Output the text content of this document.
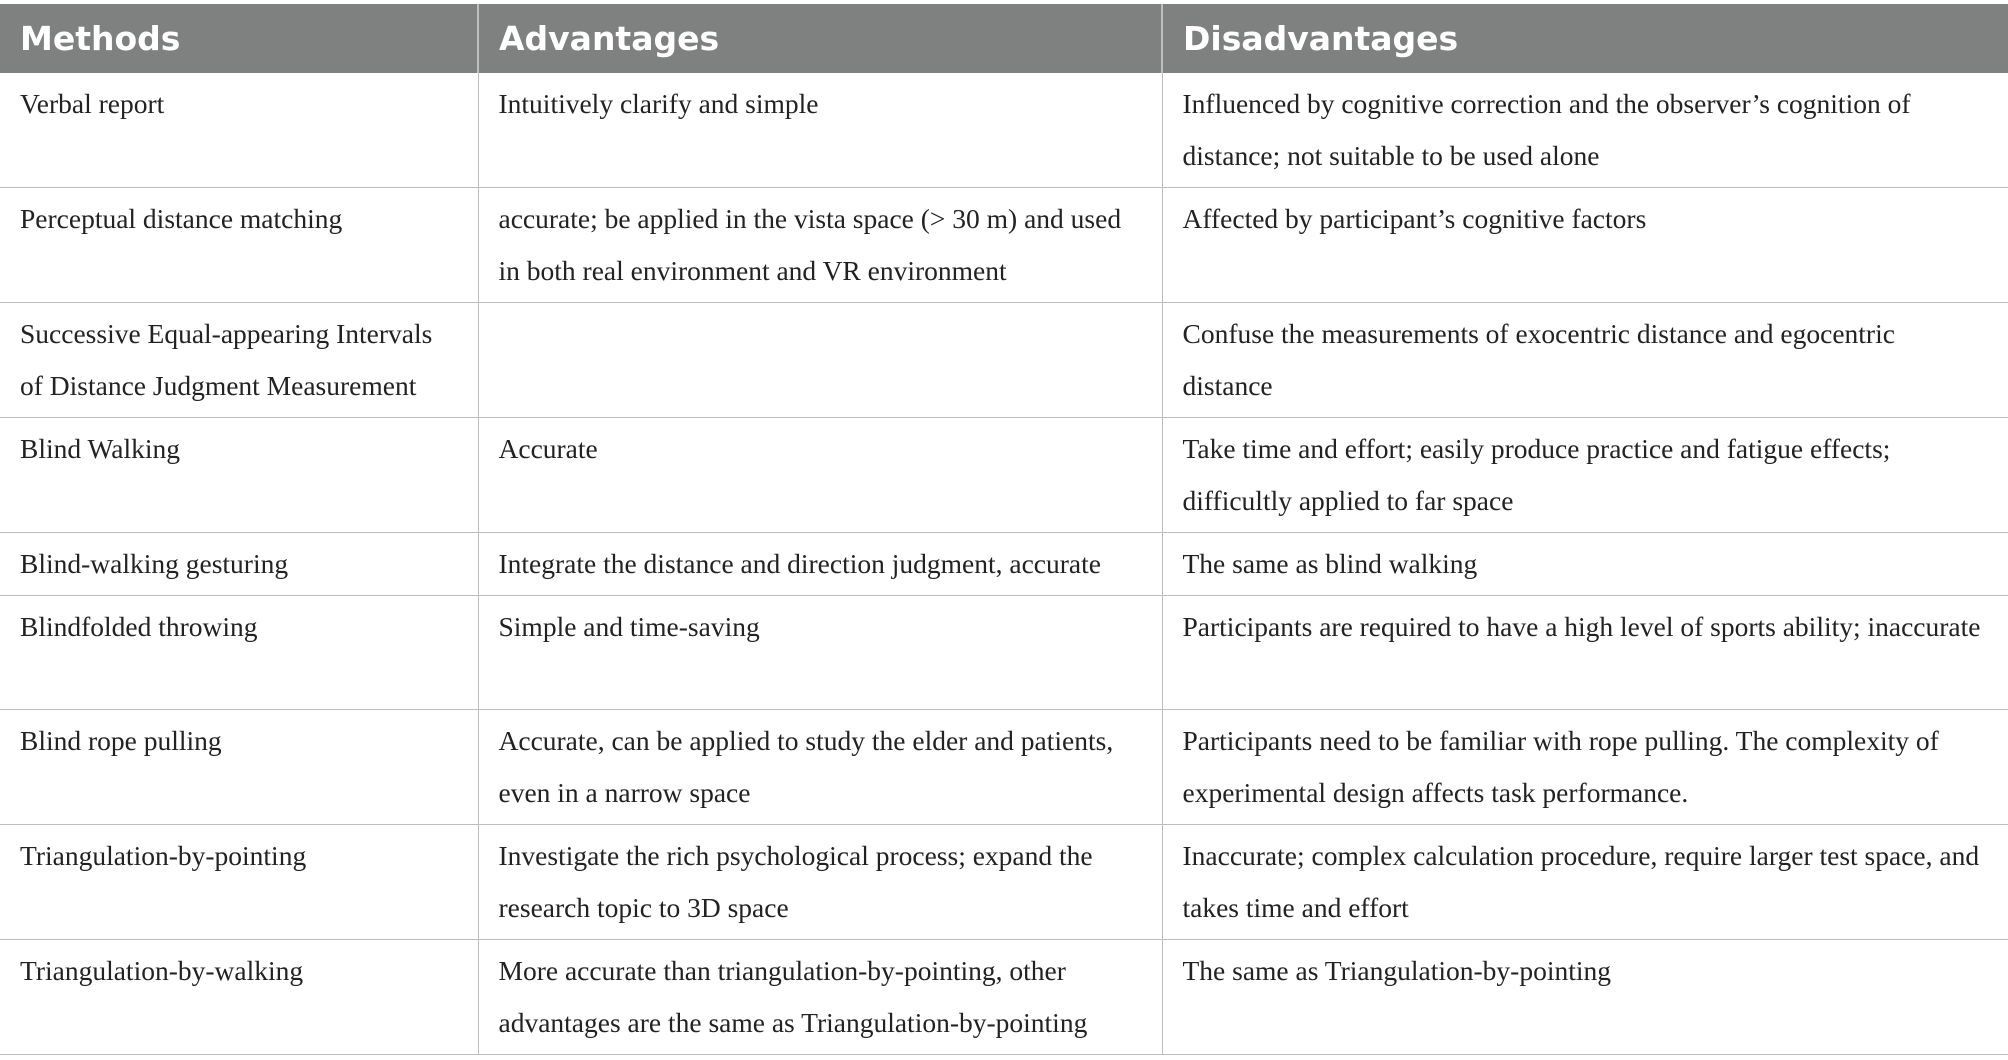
Methods	Advantages	Disadvantages
Verbal report	Intuitively clarify and simple	Influenced by cognitive correction and the observer’s cognition of distance; not suitable to be used alone
Perceptual distance matching	accurate; be applied in the vista space (> 30 m) and used in both real environment and VR environment	Affected by participant’s cognitive factors
Successive Equal-appearing Intervals of Distance Judgment Measurement		Confuse the measurements of exocentric distance and egocentric distance
Blind Walking	Accurate	Take time and effort; easily produce practice and fatigue effects; difficultly applied to far space
Blind-walking gesturing	Integrate the distance and direction judgment, accurate	The same as blind walking
Blindfolded throwing	Simple and time-saving	Participants are required to have a high level of sports ability; inaccurate
Blind rope pulling	Accurate, can be applied to study the elder and patients, even in a narrow space	Participants need to be familiar with rope pulling. The complexity of experimental design affects task performance.
Triangulation-by-pointing	Investigate the rich psychological process; expand the research topic to 3D space	Inaccurate; complex calculation procedure, require larger test space, and takes time and effort
Triangulation-by-walking	More accurate than triangulation-by-pointing, other advantages are the same as Triangulation-by-pointing	The same as Triangulation-by-pointing
